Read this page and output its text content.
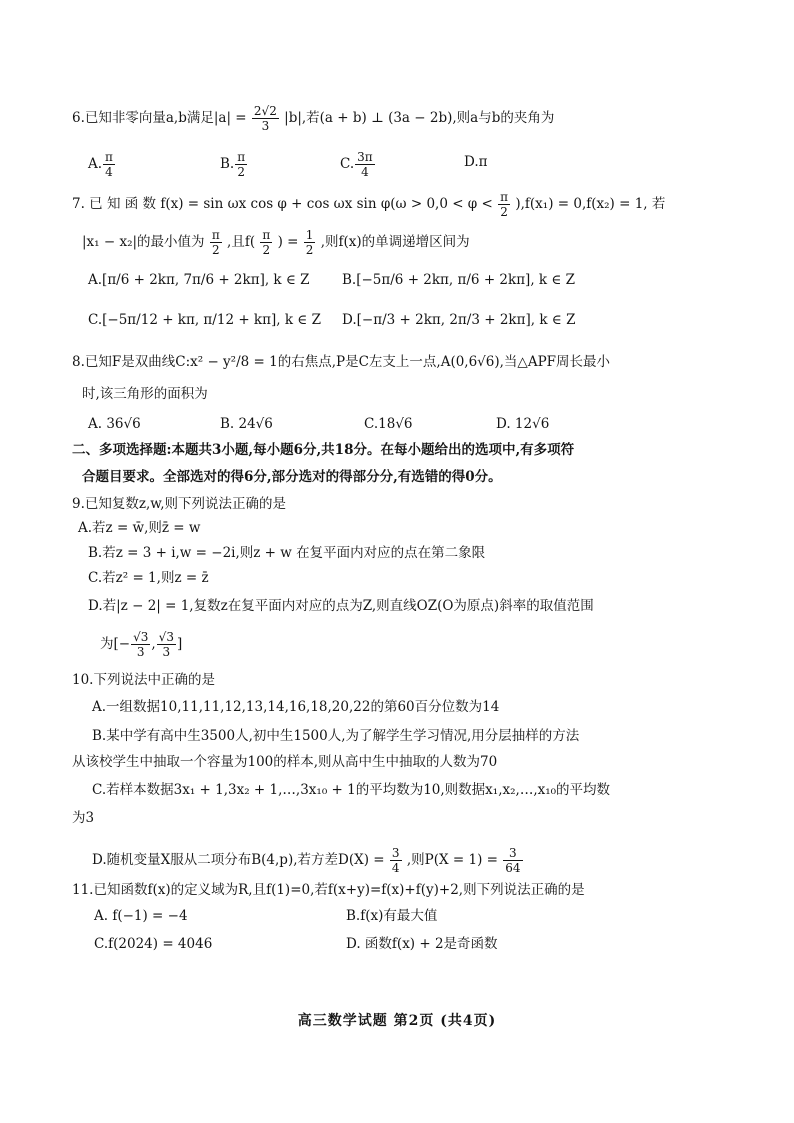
6.已知非零向量a,b满足$|a| = \frac{2√2}{3} |b|$,若(a + b) ⊥ (3a − 2b),则a与b的夹角为
A. $\frac{\pi}{4}$	B. $\frac{\pi}{2}$	C. $\frac{3\pi}{4}$	D.π
7. 已 知 函 数 f(x) = sin ωx cos φ + cos ωx $\sin \varphi(\omega > 0,0 < \varphi < \frac{\pi}{2} ),f(x_1) = 0,f(x_2) = 1$, 若
|x₁ − x₂|的最小值为 $\frac{\pi}{2}$ ,且$f( \frac{\pi}{2}$ ) = $\frac{1}{2}$ ,则f(x)的单调递增区间为
A.[π/6 + 2kπ, 7π/6 + 2kπ], k ∈ Z B.[−5π/6 + 2kπ, π/6 + 2kπ], k ∈ Z
C.[−5π/12 + kπ, π/12 + kπ], k ∈ Z D.[−π/3 + 2kπ, 2π/3 + 2kπ], k ∈ Z
8.已知F是双曲线C:x² − y²/8 = 1的右焦点,P是C左支上一点,A(0,6√6),当△APF周长最小
时,该三角形的面积为
A. 36√6	B. 24√6	C.18√6	D. 12√6
二、多项选择题:本题共3小题,每小题6分,共18分。在每小题给出的选项中,有多项符
合题目要求。全部选对的得6分,部分选对的得部分分,有选错的得0分。
9.已知复数z,w,则下列说法正确的是
A.若z = w̄,则z̄ = w
B.若z = 3 + i,w = −2i,则z + w 在复平面内对应的点在第二象限
C.若z² = 1,则z = z̄
D.若|z − 2| = 1,复数z在复平面内对应的点为Z,则直线OZ(O为原点)斜率的取值范围
为[− $\frac{√3}{3}$ , $\frac{√3}{3}$ ]
10.下列说法中正确的是
A.一组数据10,11,11,12,13,14,16,18,20,22的第60百分位数为14
B.某中学有高中生3500人,初中生1500人,为了解学生学习情况,用分层抽样的方法
从该校学生中抽取一个容量为100的样本,则从高中生中抽取的人数为70
C.若样本数据3x₁ + 1,3x₂ + 1,…,3x₁₀ + 1的平均数为10,则数据x₁,x₂,…,x₁₀的平均数
为3
D.随机变量X服从二项分布B(4,p),若方差$D(X) = \frac{3}{4}$ ,则$P(X = 1) = \frac{3}{64}$
11.已知函数f(x)的定义域为R,且f(1)=0,若f(x+y)=f(x)+f(y)+2,则下列说法正确的是
A. f(−1) = −4	B.f(x)有最大值
C.f(2024) = 4046	D. 函数f(x) + 2是奇函数
高三数学试题 第2页 (共4页)
